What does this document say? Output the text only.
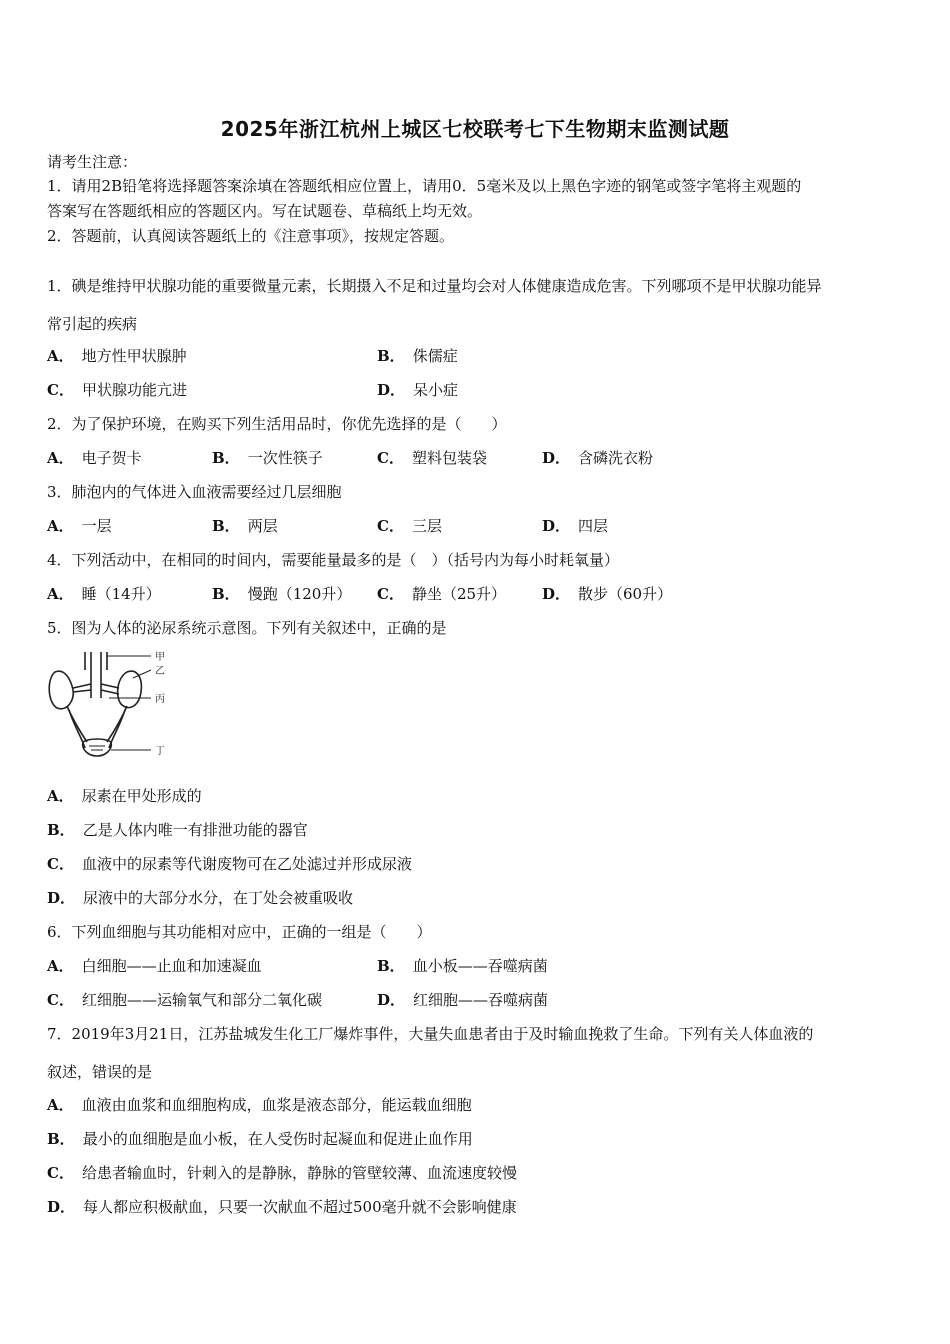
2025年浙江杭州上城区七校联考七下生物期末监测试题
请考生注意：
1．请用2B铅笔将选择题答案涂填在答题纸相应位置上，请用0．5毫米及以上黑色字迹的钢笔或签字笔将主观题的
答案写在答题纸相应的答题区内。写在试题卷、草稿纸上均无效。
2．答题前，认真阅读答题纸上的《注意事项》，按规定答题。
1．碘是维持甲状腺功能的重要微量元素，长期摄入不足和过量均会对人体健康造成危害。下列哪项不是甲状腺功能异
常引起的疾病
A． 地方性甲状腺肿	B． 侏儒症
C． 甲状腺功能亢进	D． 呆小症
2．为了保护环境，在购买下列生活用品时，你优先选择的是（　　）
A． 电子贺卡	B． 一次性筷子	C． 塑料包装袋	D． 含磷洗衣粉
3．肺泡内的气体进入血液需要经过几层细胞
A． 一层	B． 两层	C． 三层	D． 四层
4．下列活动中，在相同的时间内，需要能量最多的是（　）（括号内为每小时耗氧量）
A． 睡（14升）	B． 慢跑（120升） C． 静坐（25升） D． 散步（60升）
5．图为人体的泌尿系统示意图。下列有关叙述中，正确的是
甲
乙
丙
丁
A． 尿素在甲处形成的
B． 乙是人体内唯一有排泄功能的器官
C． 血液中的尿素等代谢废物可在乙处滤过并形成尿液
D． 尿液中的大部分水分，在丁处会被重吸收
6．下列血细胞与其功能相对应中，正确的一组是（　　）
A． 白细胞——止血和加速凝血	B． 血小板——吞噬病菌
C． 红细胞——运输氧气和部分二氧化碳	D． 红细胞——吞噬病菌
7．2019年3月21日，江苏盐城发生化工厂爆炸事件，大量失血患者由于及时输血挽救了生命。下列有关人体血液的
叙述，错误的是
A． 血液由血浆和血细胞构成，血浆是液态部分，能运载血细胞
B． 最小的血细胞是血小板，在人受伤时起凝血和促进止血作用
C． 给患者输血时，针刺入的是静脉，静脉的管壁较薄、血流速度较慢
D． 每人都应积极献血，只要一次献血不超过500毫升就不会影响健康
